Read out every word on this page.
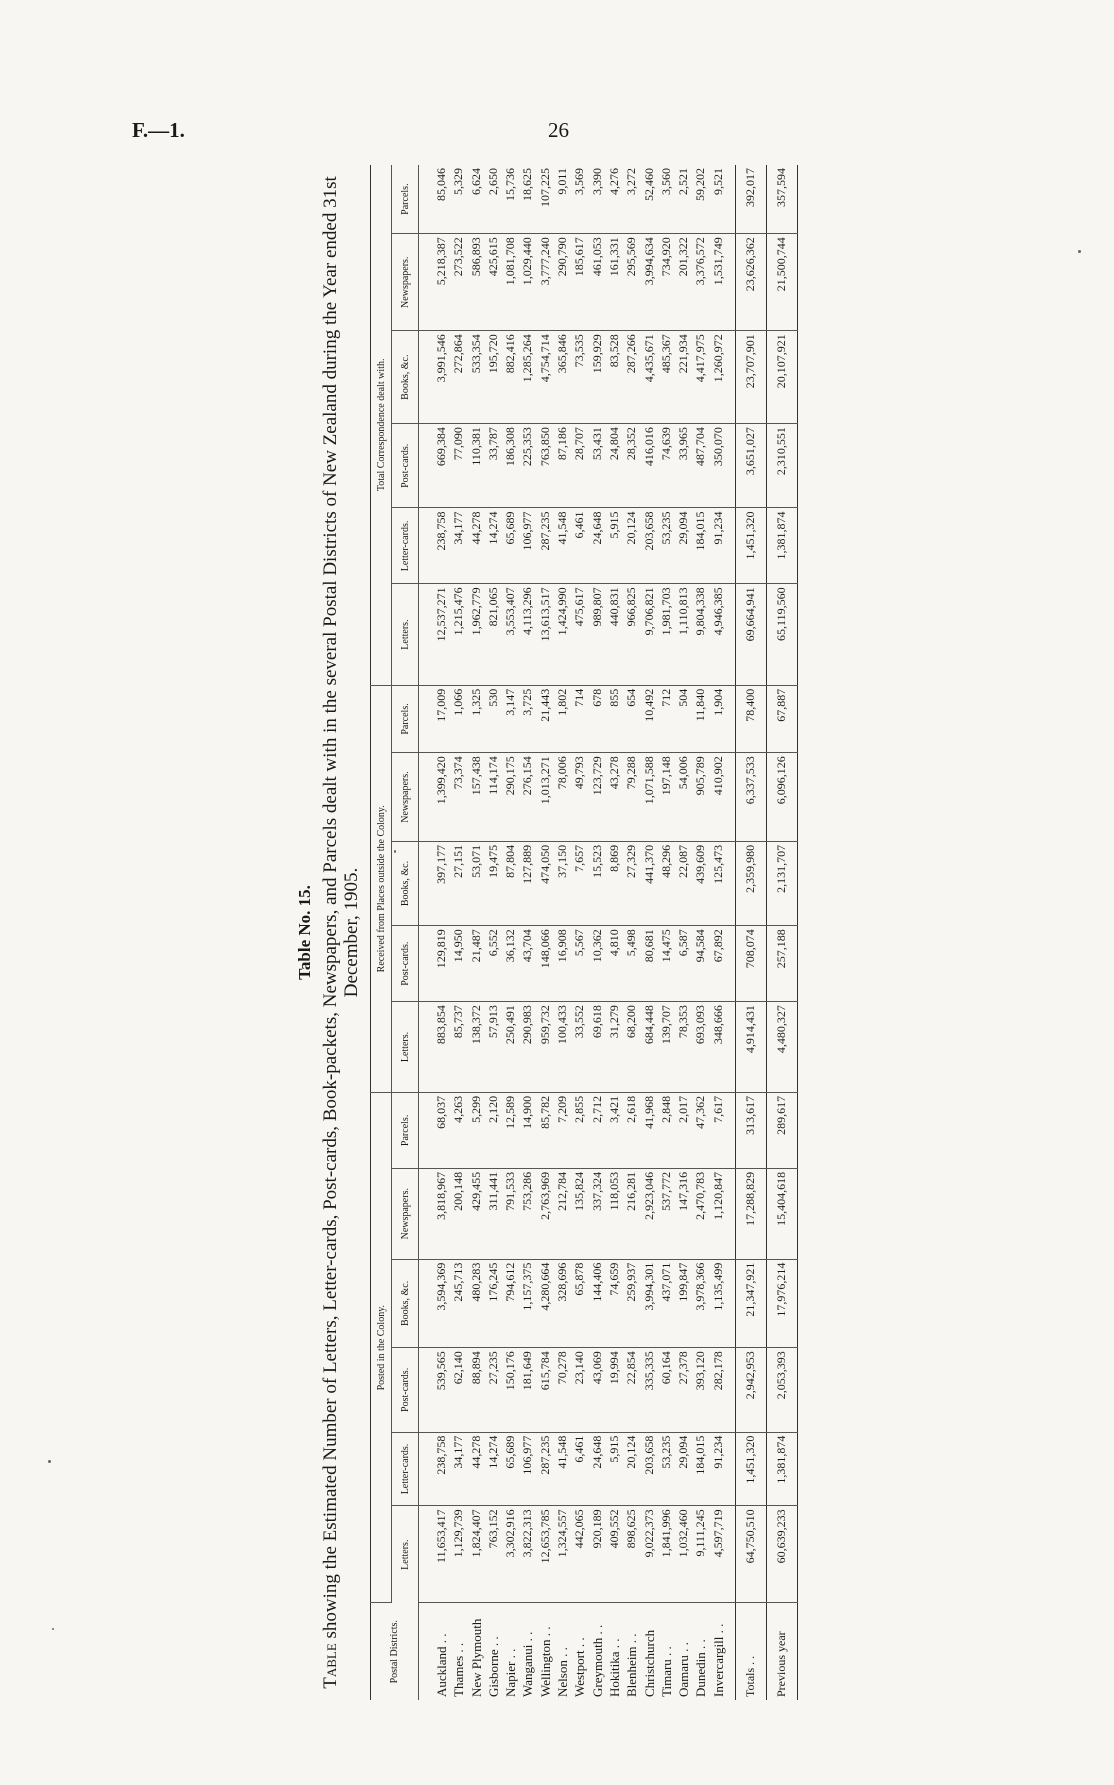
F.—1.	26
Table No. 15.
Table showing the Estimated Number of Letters, Letter-cards, Post-cards, Book-packets, Newspapers, and Parcels dealt with in the several Postal Districts of New Zealand during the Year ended 31st December, 1905.
Postal Districts.	Posted in the Colony.						Received from Places outside the Colony.					Total Correspondence dealt with.					
	Letters.	Letter-cards.	Post-cards.	Books, &c.	Newspapers.	Parcels.	Letters.	Post-cards.	Books, &c.	Newspapers.	Parcels.	Letters.	Letter-cards.	Post-cards.	Books, &c.	Newspapers.	Parcels.
Auckland . .	11,653,417	238,758	539,565	3,594,369	3,818,967	68,037	883,854	129,819	397,177	1,399,420	17,009	12,537,271	238,758	669,384	3,991,546	5,218,387	85,046
Thames . .	1,129,739	34,177	62,140	245,713	200,148	4,263	85,737	14,950	27,151	73,374	1,066	1,215,476	34,177	77,090	272,864	273,522	5,329
New Plymouth	1,824,407	44,278	88,894	480,283	429,455	5,299	138,372	21,487	53,071	157,438	1,325	1,962,779	44,278	110,381	533,354	586,893	6,624
Gisborne . .	763,152	14,274	27,235	176,245	311,441	2,120	57,913	6,552	19,475	114,174	530	821,065	14,274	33,787	195,720	425,615	2,650
Napier . .	3,302,916	65,689	150,176	794,612	791,533	12,589	250,491	36,132	87,804	290,175	3,147	3,553,407	65,689	186,308	882,416	1,081,708	15,736
Wanganui . .	3,822,313	106,977	181,649	1,157,375	753,286	14,900	290,983	43,704	127,889	276,154	3,725	4,113,296	106,977	225,353	1,285,264	1,029,440	18,625
Wellington . .	12,653,785	287,235	615,784	4,280,664	2,763,969	85,782	959,732	148,066	474,050	1,013,271	21,443	13,613,517	287,235	763,850	4,754,714	3,777,240	107,225
Nelson . .	1,324,557	41,548	70,278	328,696	212,784	7,209	100,433	16,908	37,150	78,006	1,802	1,424,990	41,548	87,186	365,846	290,790	9,011
Westport . .	442,065	6,461	23,140	65,878	135,824	2,855	33,552	5,567	7,657	49,793	714	475,617	6,461	28,707	73,535	185,617	3,569
Greymouth . .	920,189	24,648	43,069	144,406	337,324	2,712	69,618	10,362	15,523	123,729	678	989,807	24,648	53,431	159,929	461,053	3,390
Hokitika . .	409,552	5,915	19,994	74,659	118,053	3,421	31,279	4,810	8,869	43,278	855	440,831	5,915	24,804	83,528	161,331	4,276
Blenheim . .	898,625	20,124	22,854	259,937	216,281	2,618	68,200	5,498	27,329	79,288	654	966,825	20,124	28,352	287,266	295,569	3,272
Christchurch	9,022,373	203,658	335,335	3,994,301	2,923,046	41,968	684,448	80,681	441,370	1,071,588	10,492	9,706,821	203,658	416,016	4,435,671	3,994,634	52,460
Timaru . .	1,841,996	53,235	60,164	437,071	537,772	2,848	139,707	14,475	48,296	197,148	712	1,981,703	53,235	74,639	485,367	734,920	3,560
Oamaru . .	1,032,460	29,094	27,378	199,847	147,316	2,017	78,353	6,587	22,087	54,006	504	1,110,813	29,094	33,965	221,934	201,322	2,521
Dunedin . .	9,111,245	184,015	393,120	3,978,366	2,470,783	47,362	693,093	94,584	439,609	905,789	11,840	9,804,338	184,015	487,704	4,417,975	3,376,572	59,202
Invercargill . .	4,597,719	91,234	282,178	1,135,499	1,120,847	7,617	348,666	67,892	125,473	410,902	1,904	4,946,385	91,234	350,070	1,260,972	1,531,749	9,521
Totals . .	64,750,510	1,451,320	2,942,953	21,347,921	17,288,829	313,617	4,914,431	708,074	2,359,980	6,337,533	78,400	69,664,941	1,451,320	3,651,027	23,707,901	23,626,362	392,017
Previous year	60,639,233	1,381,874	2,053,393	17,976,214	15,404,618	289,617	4,480,327	257,188	2,131,707	6,096,126	67,887	65,119,560	1,381,874	2,310,551	20,107,921	21,500,744	357,594
